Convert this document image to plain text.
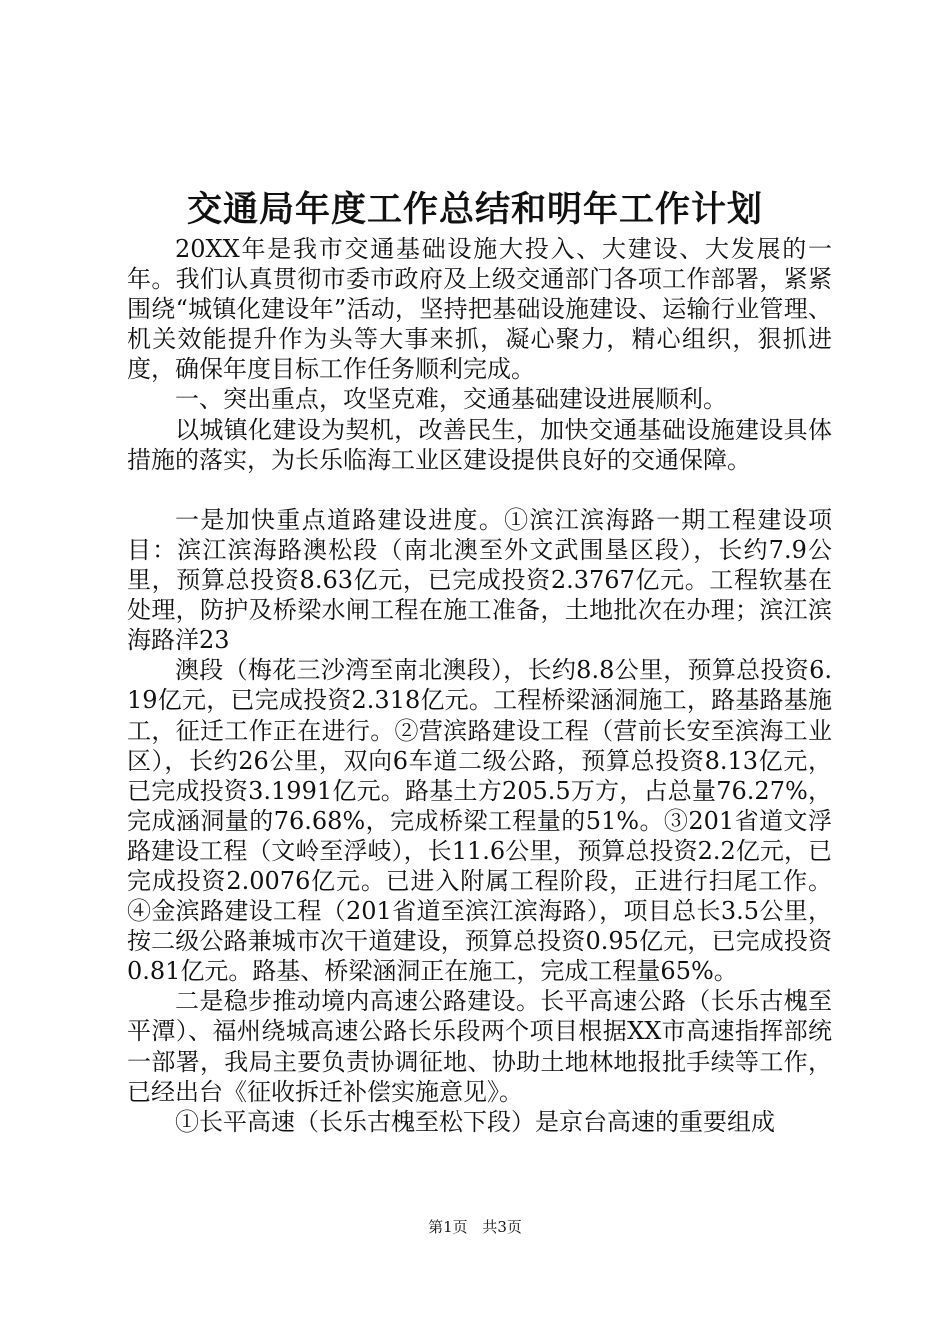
交通局年度工作总结和明年工作计划

20XX年是我市交通基础设施大投入、大建设、大发展的一年。我们认真贯彻市委市政府及上级交通部门各项工作部署，紧紧围绕“城镇化建设年”活动，坚持把基础设施建设、运输行业管理、机关效能提升作为头等大事来抓，凝心聚力，精心组织，狠抓进度，确保年度目标工作任务顺利完成。

一、突出重点，攻坚克难，交通基础建设进展顺利。

以城镇化建设为契机，改善民生，加快交通基础设施建设具体措施的落实，为长乐临海工业区建设提供良好的交通保障。

一是加快重点道路建设进度。①滨江滨海路一期工程建设项目：滨江滨海路澳松段（南北澳至外文武围垦区段），长约7.9公里，预算总投资8.63亿元，已完成投资2.3767亿元。工程软基在处理，防护及桥梁水闸工程在施工准备，土地批次在办理；滨江滨海路洋23

澳段（梅花三沙湾至南北澳段），长约8.8公里，预算总投资6.19亿元，已完成投资2.318亿元。工程桥梁涵洞施工，路基路基施工，征迁工作正在进行。②营滨路建设工程（营前长安至滨海工业区），长约26公里，双向6车道二级公路，预算总投资8.13亿元，已完成投资3.1991亿元。路基土方205.5万方，占总量76.27%，完成涵洞量的76.68%，完成桥梁工程量的51%。③201省道文浮路建设工程（文岭至浮岐），长11.6公里，预算总投资2.2亿元，已完成投资2.0076亿元。已进入附属工程阶段，正进行扫尾工作。④金滨路建设工程（201省道至滨江滨海路），项目总长3.5公里，按二级公路兼城市次干道建设，预算总投资0.95亿元，已完成投资0.81亿元。路基、桥梁涵洞正在施工，完成工程量65%。

二是稳步推动境内高速公路建设。长平高速公路（长乐古槐至平潭）、福州绕城高速公路长乐段两个项目根据XX市高速指挥部统一部署，我局主要负责协调征地、协助土地林地报批手续等工作，已经出台《征收拆迁补偿实施意见》。

①长平高速（长乐古槐至松下段）是京台高速的重要组成

第1页 共3页
